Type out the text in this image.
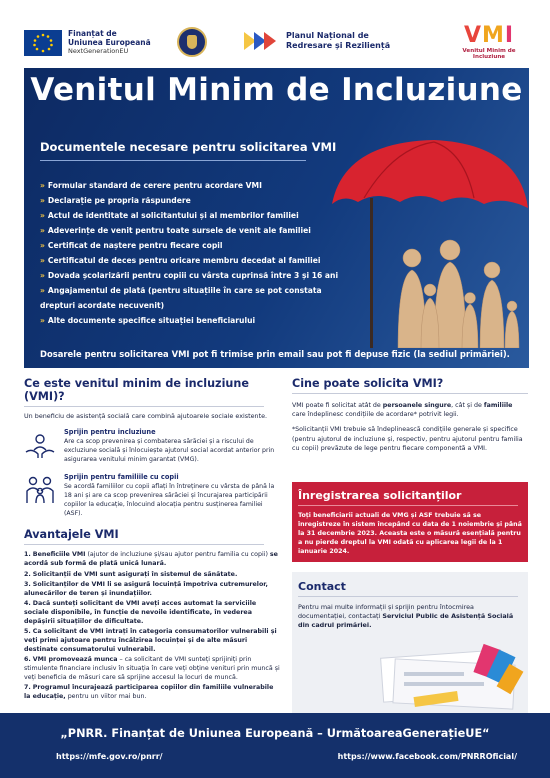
Finanțat de
Uniunea Europeană
NextGenerationEU
Planul Național de
Redresare și Reziliență	VMI
Venitul Minim de Incluziune
Venitul Minim de Incluziune
Documentele necesare pentru solicitarea VMI
» Formular standard de cerere pentru acordare VMI
» Declarație pe propria răspundere
» Actul de identitate al solicitantului și al membrilor familiei
» Adeverințe de venit pentru toate sursele de venit ale familiei
» Certificat de naștere pentru fiecare copil
» Certificatul de deces pentru oricare membru decedat al familiei
» Dovada școlarizării pentru copiii cu vârsta cuprinsă între 3 și 16 ani
» Angajamentul de plată (pentru situațiile în care se pot constata drepturi acordate necuvenit)
» Alte documente specifice situației beneficiarului
Dosarele pentru solicitarea VMI pot fi trimise prin email sau pot fi depuse fizic (la sediul primăriei).
Ce este venitul minim de incluziune (VMI)?
Un beneficiu de asistență socială care combină ajutoarele sociale existente.
Sprijin pentru incluziune
Are ca scop prevenirea și combaterea sărăciei și a riscului de excluziune socială și înlocuiește ajutorul social acordat anterior prin asigurarea venitului minim garantat (VMG).
Sprijin pentru familiile cu copii
Se acordă familiilor cu copii aflați în întreținere cu vârsta de până la 18 ani și are ca scop prevenirea sărăciei și încurajarea participării copiilor la educație, înlocuind alocația pentru susținerea familiei (ASF).
Avantajele VMI
1. Beneficiile VMI (ajutor de incluziune și/sau ajutor pentru familia cu copii) se acordă sub formă de plată unică lunară.
2. Solicitanții de VMI sunt asigurați în sistemul de sănătate.
3. Solicitanților de VMI li se asigură locuință împotriva cutremurelor, alunecărilor de teren și inundațiilor.
4. Dacă sunteți solicitant de VMI aveți acces automat la serviciile sociale disponibile, în funcție de nevoile identificate, în vederea depășirii situațiilor de dificultate.
5. Ca solicitant de VMI intrați în categoria consumatorilor vulnerabili și veți primi ajutoare pentru încălzirea locuinței și de alte măsuri destinate consumatorului vulnerabil.
6. VMI promovează munca – ca solicitant de VMI sunteți sprijiniți prin stimulente financiare inclusiv în situația în care veți obține venituri prin muncă și veți beneficia de măsuri care să sprijine accesul la locuri de muncă.
7. Programul încurajează participarea copiilor din familiile vulnerabile la educație, pentru un viitor mai bun.
Cine poate solicita VMI?
VMI poate fi solicitat atât de persoanele singure, cât și de familiile care îndeplinesc condițiile de acordare* potrivit legii.
*Solicitanții VMI trebuie să îndeplinească condițiile generale și specifice (pentru ajutorul de incluziune și, respectiv, pentru ajutorul pentru familia cu copii) prevăzute de lege pentru fiecare componentă a VMI.
Înregistrarea solicitanților
Toți beneficiarii actuali de VMG și ASF trebuie să se înregistreze în sistem începând cu data de 1 noiembrie și până la 31 decembrie 2023. Aceasta este o măsură esențială pentru a nu pierde dreptul la VMI odată cu aplicarea legii de la 1 ianuarie 2024.
Contact
Pentru mai multe informații și sprijin pentru întocmirea documentației, contactați Serviciul Public de Asistență Socială din cadrul primăriei.
„PNRR. Finanțat de Uniunea Europeană – UrmătoareaGenerațieUE“
https://mfe.gov.ro/pnrr/	https://www.facebook.com/PNRROficial/
